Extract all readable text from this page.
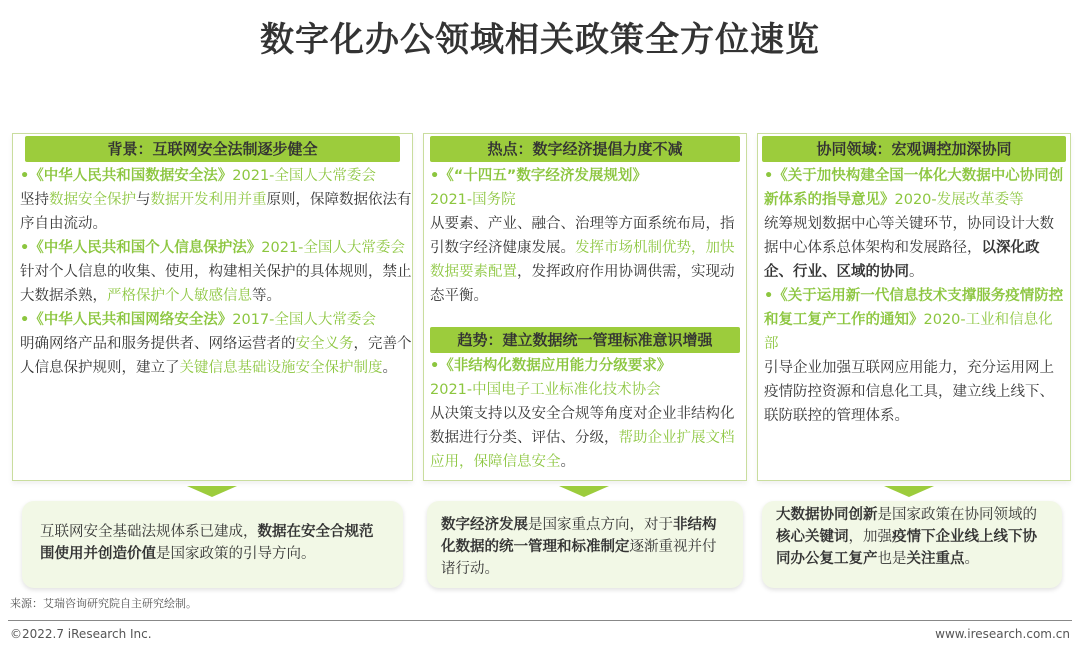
数字化办公领域相关政策全方位速览
背景：互联网安全法制逐步健全

•《中华人民共和国数据安全法》2021-全国人大常委会

坚持数据安全保护与数据开发利用并重原则，保障数据依法有序自由流动。

•《中华人民共和国个人信息保护法》2021-全国人大常委会

针对个人信息的收集、使用，构建相关保护的具体规则，禁止大数据杀熟，严格保护个人敏感信息等。

•《中华人民共和国网络安全法》2017-全国人大常委会

明确网络产品和服务提供者、网络运营者的安全义务，完善个人信息保护规则，建立了关键信息基础设施安全保护制度。

热点：数字经济提倡力度不减

•《“十四五”数字经济发展规划》

2021-国务院

从要素、产业、融合、治理等方面系统布局，指引数字经济健康发展。发挥市场机制优势，加快数据要素配置，发挥政府作用协调供需，实现动态平衡。

趋势：建立数据统一管理标准意识增强

•《非结构化数据应用能力分级要求》

2021-中国电子工业标准化技术协会

从决策支持以及安全合规等角度对企业非结构化数据进行分类、评估、分级，帮助企业扩展文档应用，保障信息安全。

协同领域：宏观调控加深协同

•《关于加快构建全国一体化大数据中心协同创新体系的指导意见》2020-发展改革委等

统筹规划数据中心等关键环节，协同设计大数据中心体系总体架构和发展路径，以深化政企、行业、区域的协同。

•《关于运用新一代信息技术支撑服务疫情防控和复工复产工作的通知》2020-工业和信息化部

引导企业加强互联网应用能力，充分运用网上疫情防控资源和信息化工具，建立线上线下、联防联控的管理体系。

互联网安全基础法规体系已建成，数据在安全合规范围使用并创造价值是国家政策的引导方向。
数字经济发展是国家重点方向，对于非结构化数据的统一管理和标准制定逐渐重视并付诸行动。
大数据协同创新是国家政策在协同领域的核心关键词，加强疫情下企业线上线下协同办公复工复产也是关注重点。
来源：艾瑞咨询研究院自主研究绘制。
©2022.7 iResearch Inc.	www.iresearch.com.cn
